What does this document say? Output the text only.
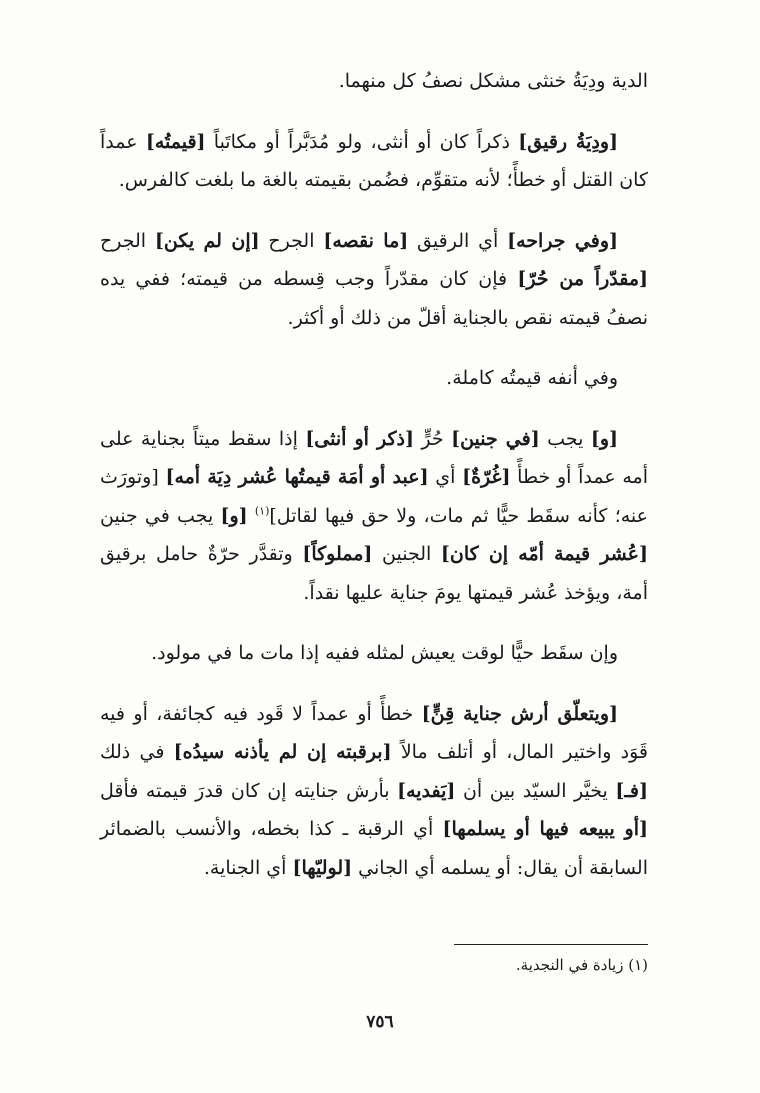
الدية ودِيَةُ خنثى مشكل نصفُ كل منهما.

[ودِيَةُ رقيق] ذكراً كان أو أنثى، ولو مُدَبَّراً أو مكاتَباً [قيمتُه] عمداً كان القتل أو خطأً؛ لأنه متقوِّم، فضُمن بقيمته بالغة ما بلغت كالفرس.

[وفي جراحه] أي الرقيق [ما نقصه] الجرح [إن لم يكن] الجرح [مقدّراً من حُرّ] فإن كان مقدّراً وجب قِسطه من قيمته؛ ففي يده نصفُ قيمته نقص بالجناية أقلّ من ذلك أو أكثر.

وفي أنفه قيمتُه كاملة.

[و] يجب [في جنين] حُرٍّ [ذكر أو أنثى] إذا سقط ميتاً بجناية على أمه عمداً أو خطأً [غُرّةٌ] أي [عبد أو أمَة قيمتُها عُشر دِيَة أمه] [وتورَث عنه؛ كأنه سقَط حيًّا ثم مات، ولا حق فيها لقاتل]$^{(١)}$ [و] يجب في جنين [عُشر قيمة أمّه إن كان] الجنين [مملوكاً] وتقدَّر حرّةٌ حامل برقيق أمة، ويؤخذ عُشر قيمتها يومَ جناية عليها نقداً.

وإن سقَط حيًّا لوقت يعيش لمثله ففيه إذا مات ما في مولود.

[ويتعلّق أرش جناية قِنٍّ] خطأً أو عمداً لا قَود فيه كجائفة، أو فيه قَوَد واختير المال، أو أتلف مالاً [برقبته إن لم يأذنه سيدُه] في ذلك [فـ] يخيَّر السيّد بين أن [يَفديه] بأرش جنايته إن كان قدرَ قيمته فأقل [أو يبيعه فيها أو يسلمها] أي الرقبة ـ كذا بخطه، والأنسب بالضمائر السابقة أن يقال: أو يسلمه أي الجاني [لوليّها] أي الجناية.

(١) زيادة في النجدية.
٧٥٦
